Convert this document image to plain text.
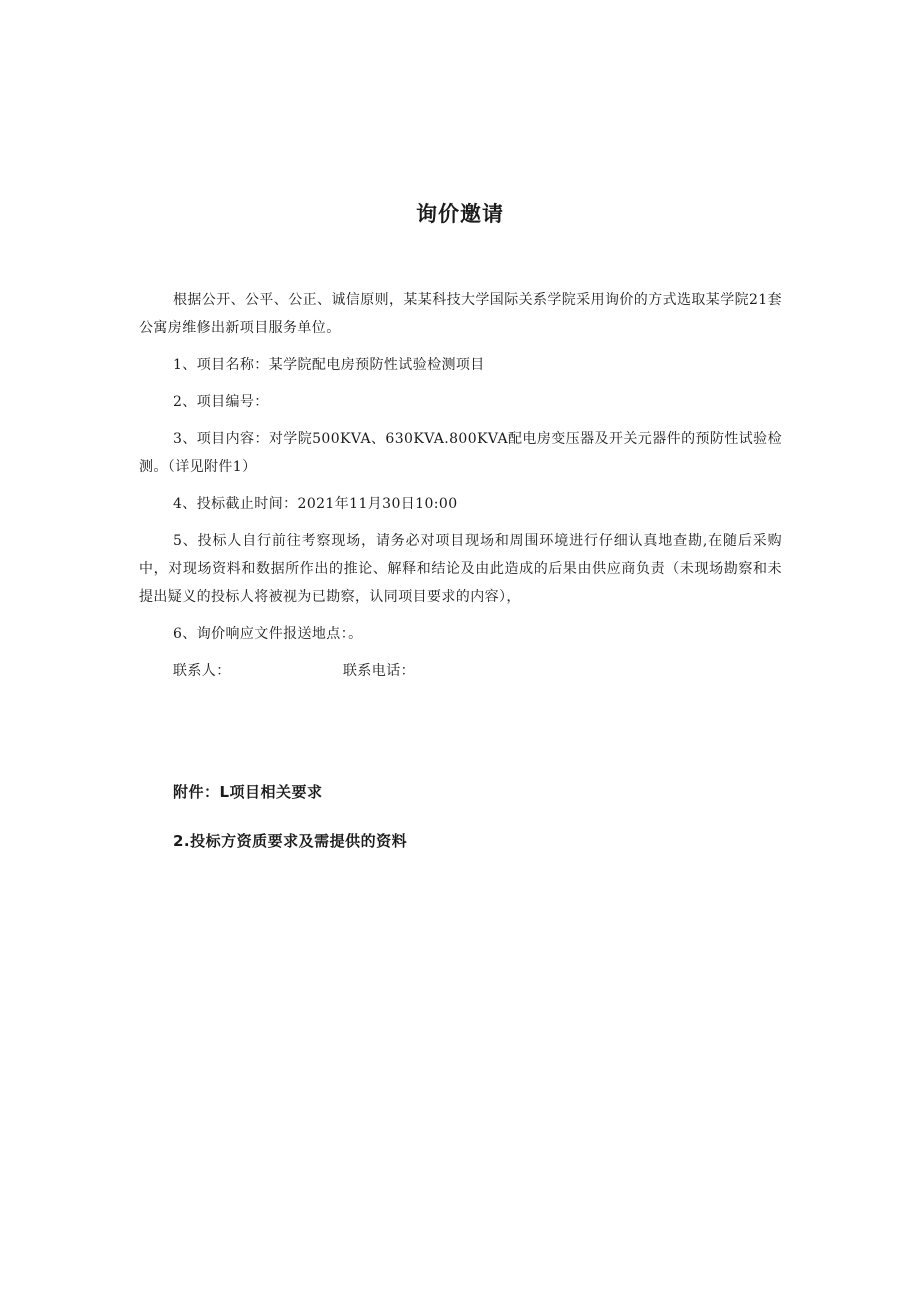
询价邀请

根据公开、公平、公正、诚信原则，某某科技大学国际关系学院采用询价的方式选取某学院21套公寓房维修出新项目服务单位。

1、项目名称：某学院配电房预防性试验检测项目

2、项目编号：

3、项目内容：对学院500KVA、630KVA.800KVA配电房变压器及开关元器件的预防性试验检测。（详见附件1）

4、投标截止时间：2021年11月30日10:00

5、投标人自行前往考察现场，请务必对项目现场和周围环境进行仔细认真地查勘,在随后采购中，对现场资料和数据所作出的推论、解释和结论及由此造成的后果由供应商负责（未现场勘察和未提出疑义的投标人将被视为已勘察，认同项目要求的内容），

6、询价响应文件报送地点：。

联系人：	联系电话：
附件：L项目相关要求
2.投标方资质要求及需提供的资料
